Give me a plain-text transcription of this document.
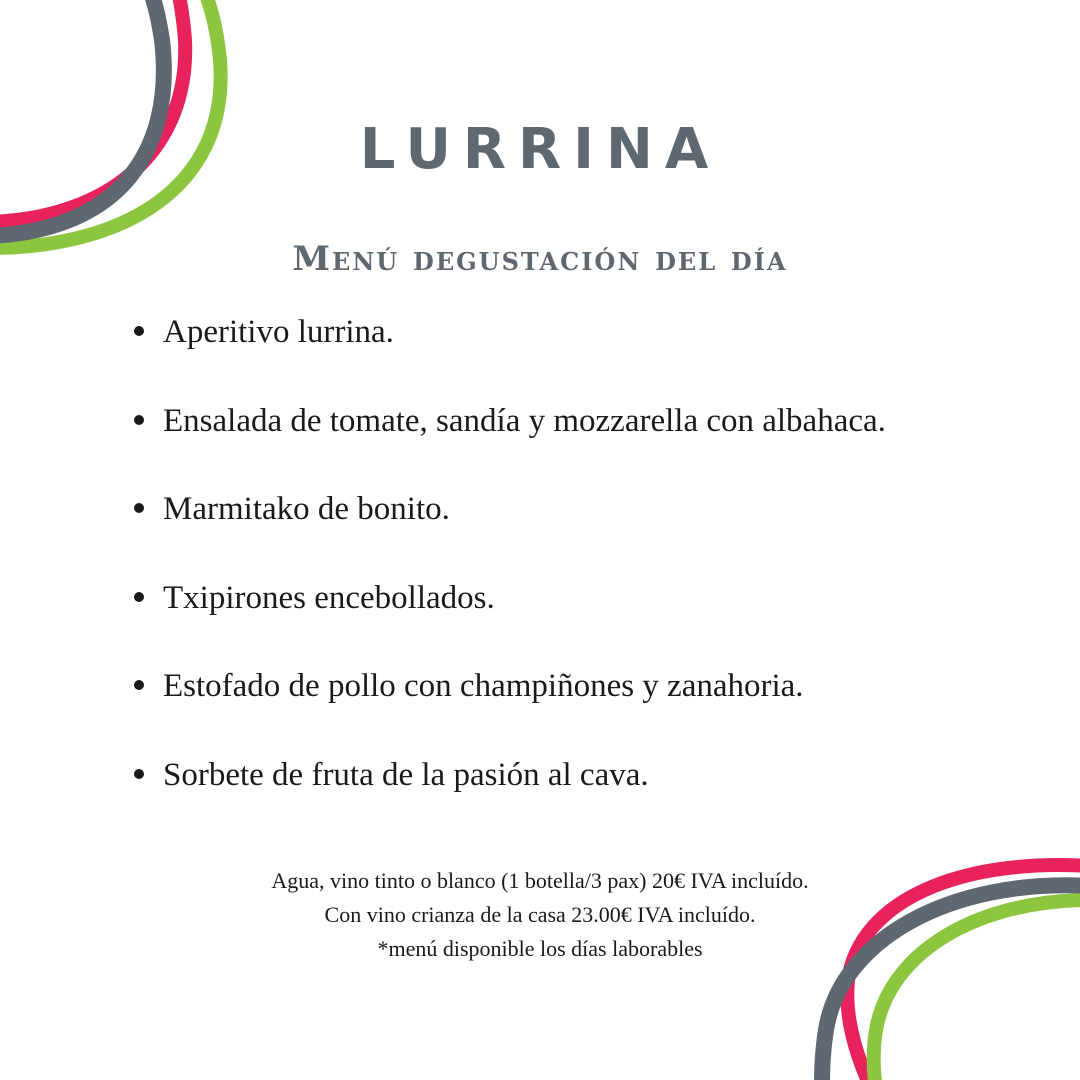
LURRINA
Menú degustación del día
Aperitivo lurrina.
Ensalada de tomate, sandía y mozzarella con albahaca.
Marmitako de bonito.
Txipirones encebollados.
Estofado de pollo con champiñones y zanahoria.
Sorbete de fruta de la pasión al cava.
Agua, vino tinto o blanco (1 botella/3 pax) 20€ IVA incluído.
Con vino crianza de la casa 23.00€ IVA incluído.
*menú disponible los días laborables
